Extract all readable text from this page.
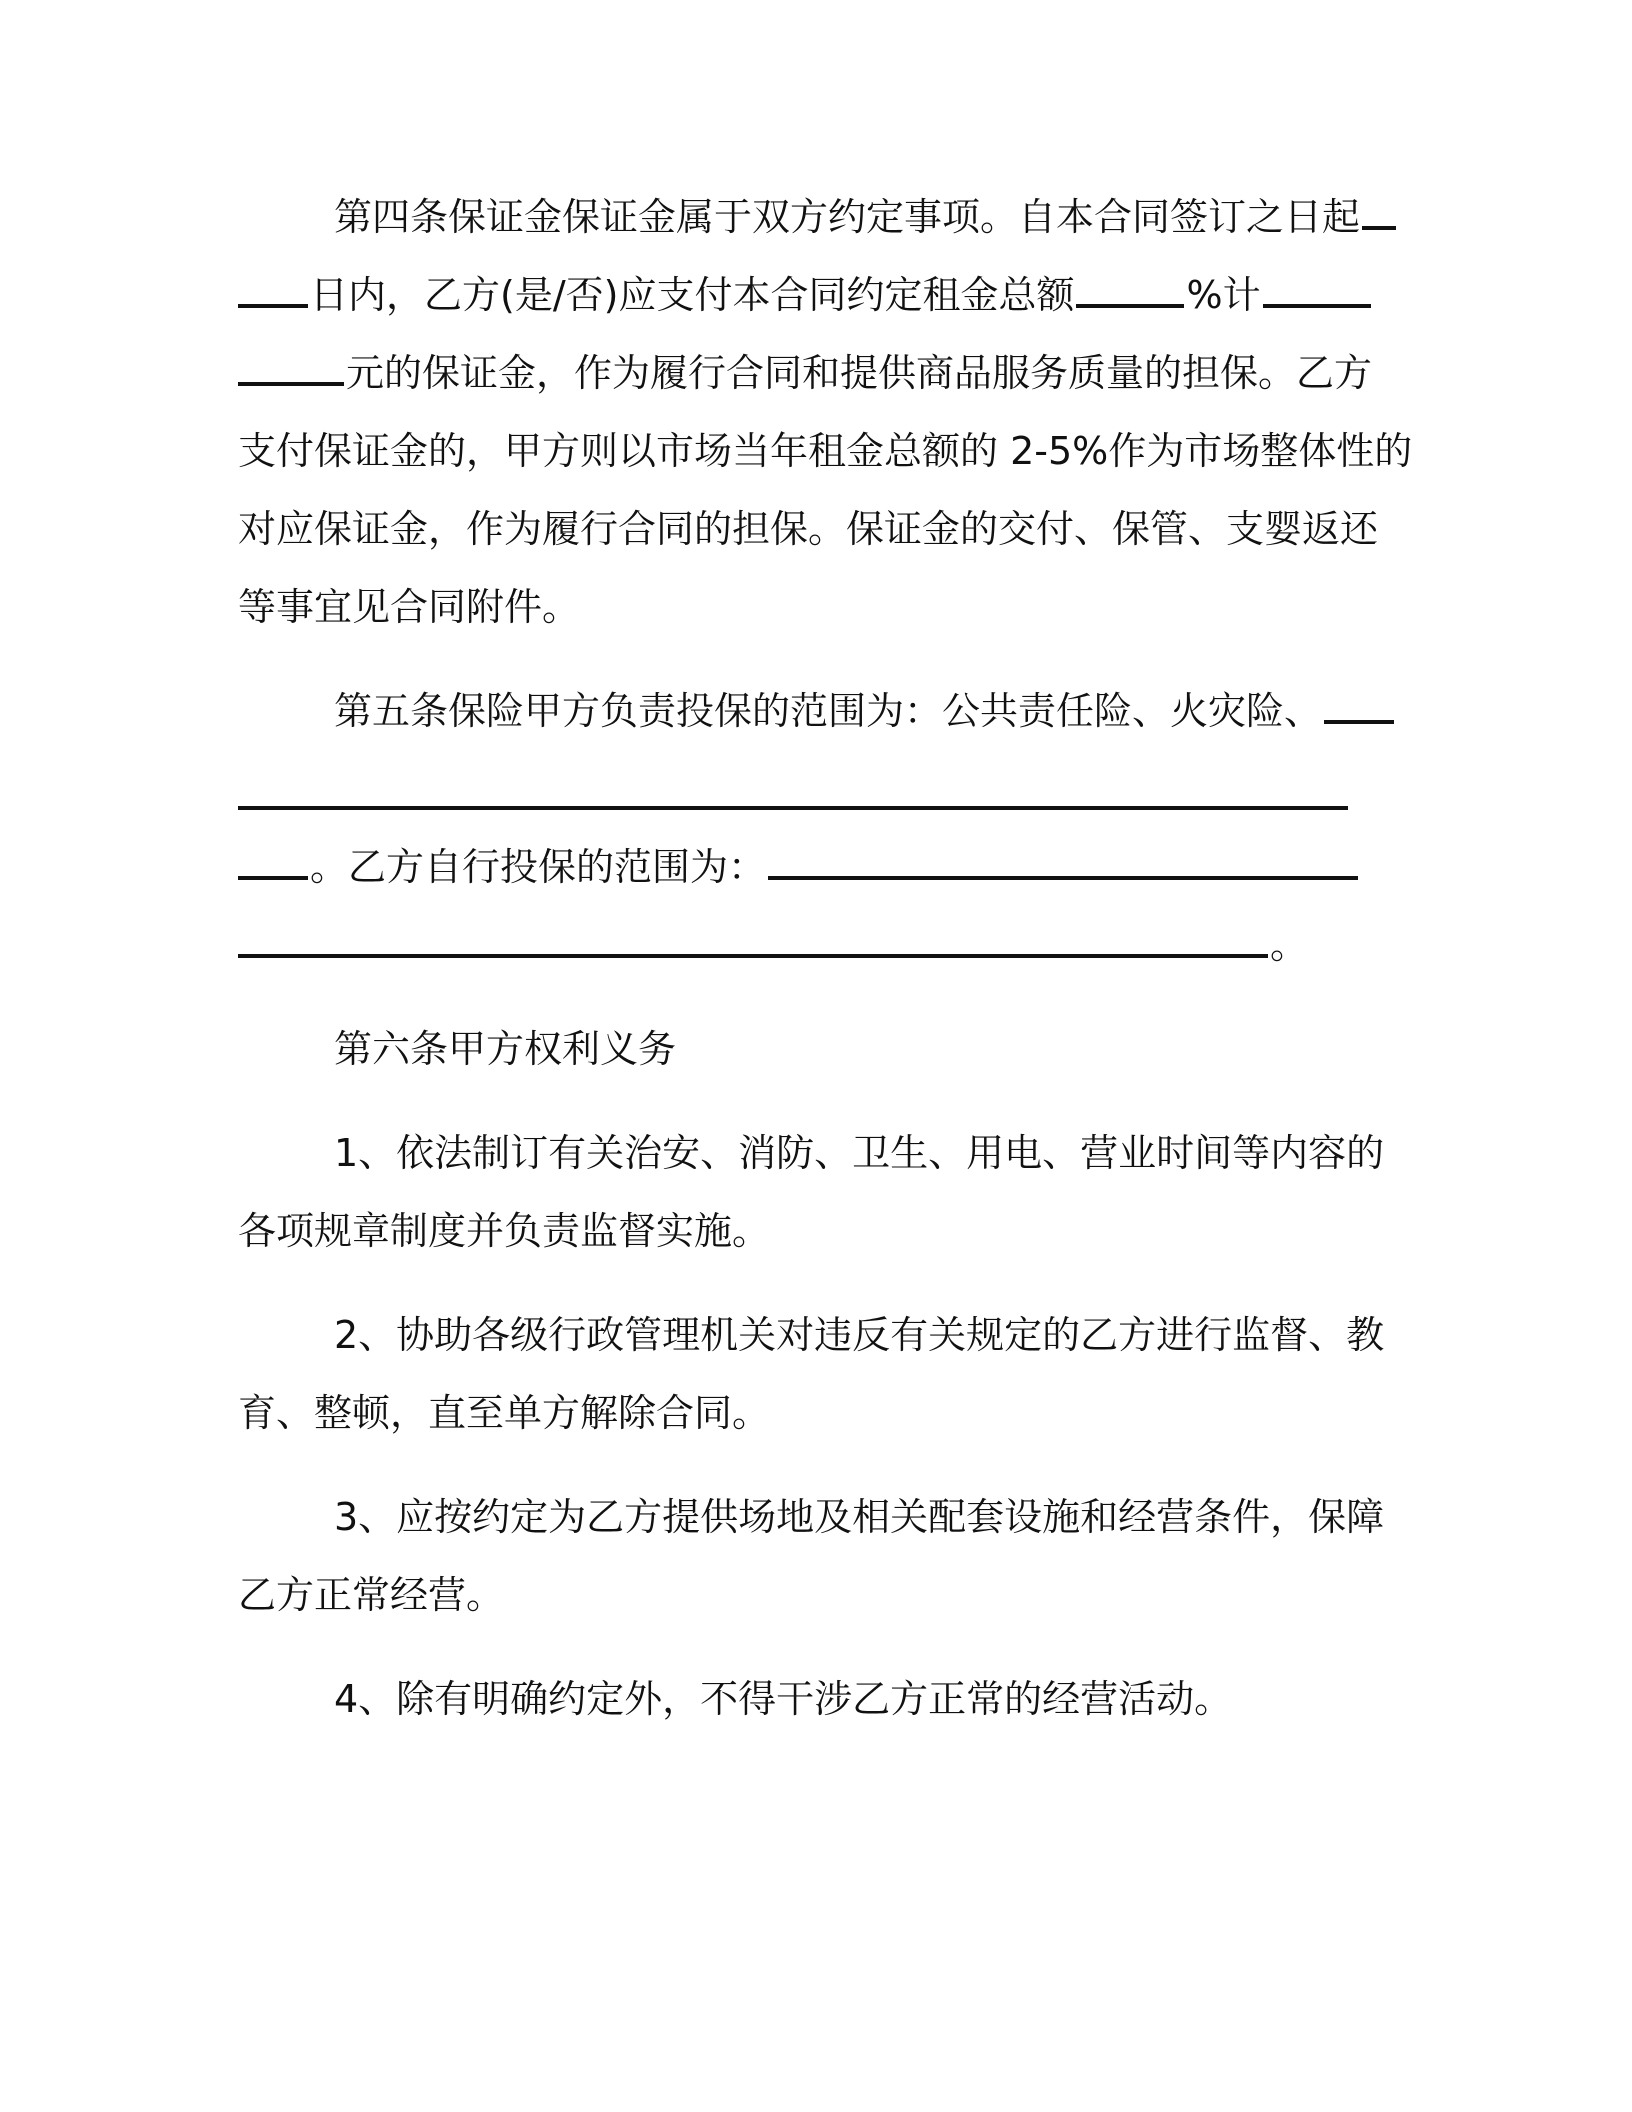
第四条保证金保证金属于双方约定事项。自本合同签订之日起
日内，乙方(是/否)应支付本合同约定租金总额	%计
元的保证金，作为履行合同和提供商品服务质量的担保。乙方
支付保证金的，甲方则以市场当年租金总额的 2-5%作为市场整体性的
对应保证金，作为履行合同的担保。保证金的交付、保管、支婴返还
等事宜见合同附件。
第五条保险甲方负责投保的范围为：公共责任险、火灾险、
。乙方自行投保的范围为：
。
第六条甲方权利义务
1、依法制订有关治安、消防、卫生、用电、营业时间等内容的
各项规章制度并负责监督实施。
2、协助各级行政管理机关对违反有关规定的乙方进行监督、教
育、整顿，直至单方解除合同。
3、应按约定为乙方提供场地及相关配套设施和经营条件，保障
乙方正常经营。
4、除有明确约定外，不得干涉乙方正常的经营活动。
